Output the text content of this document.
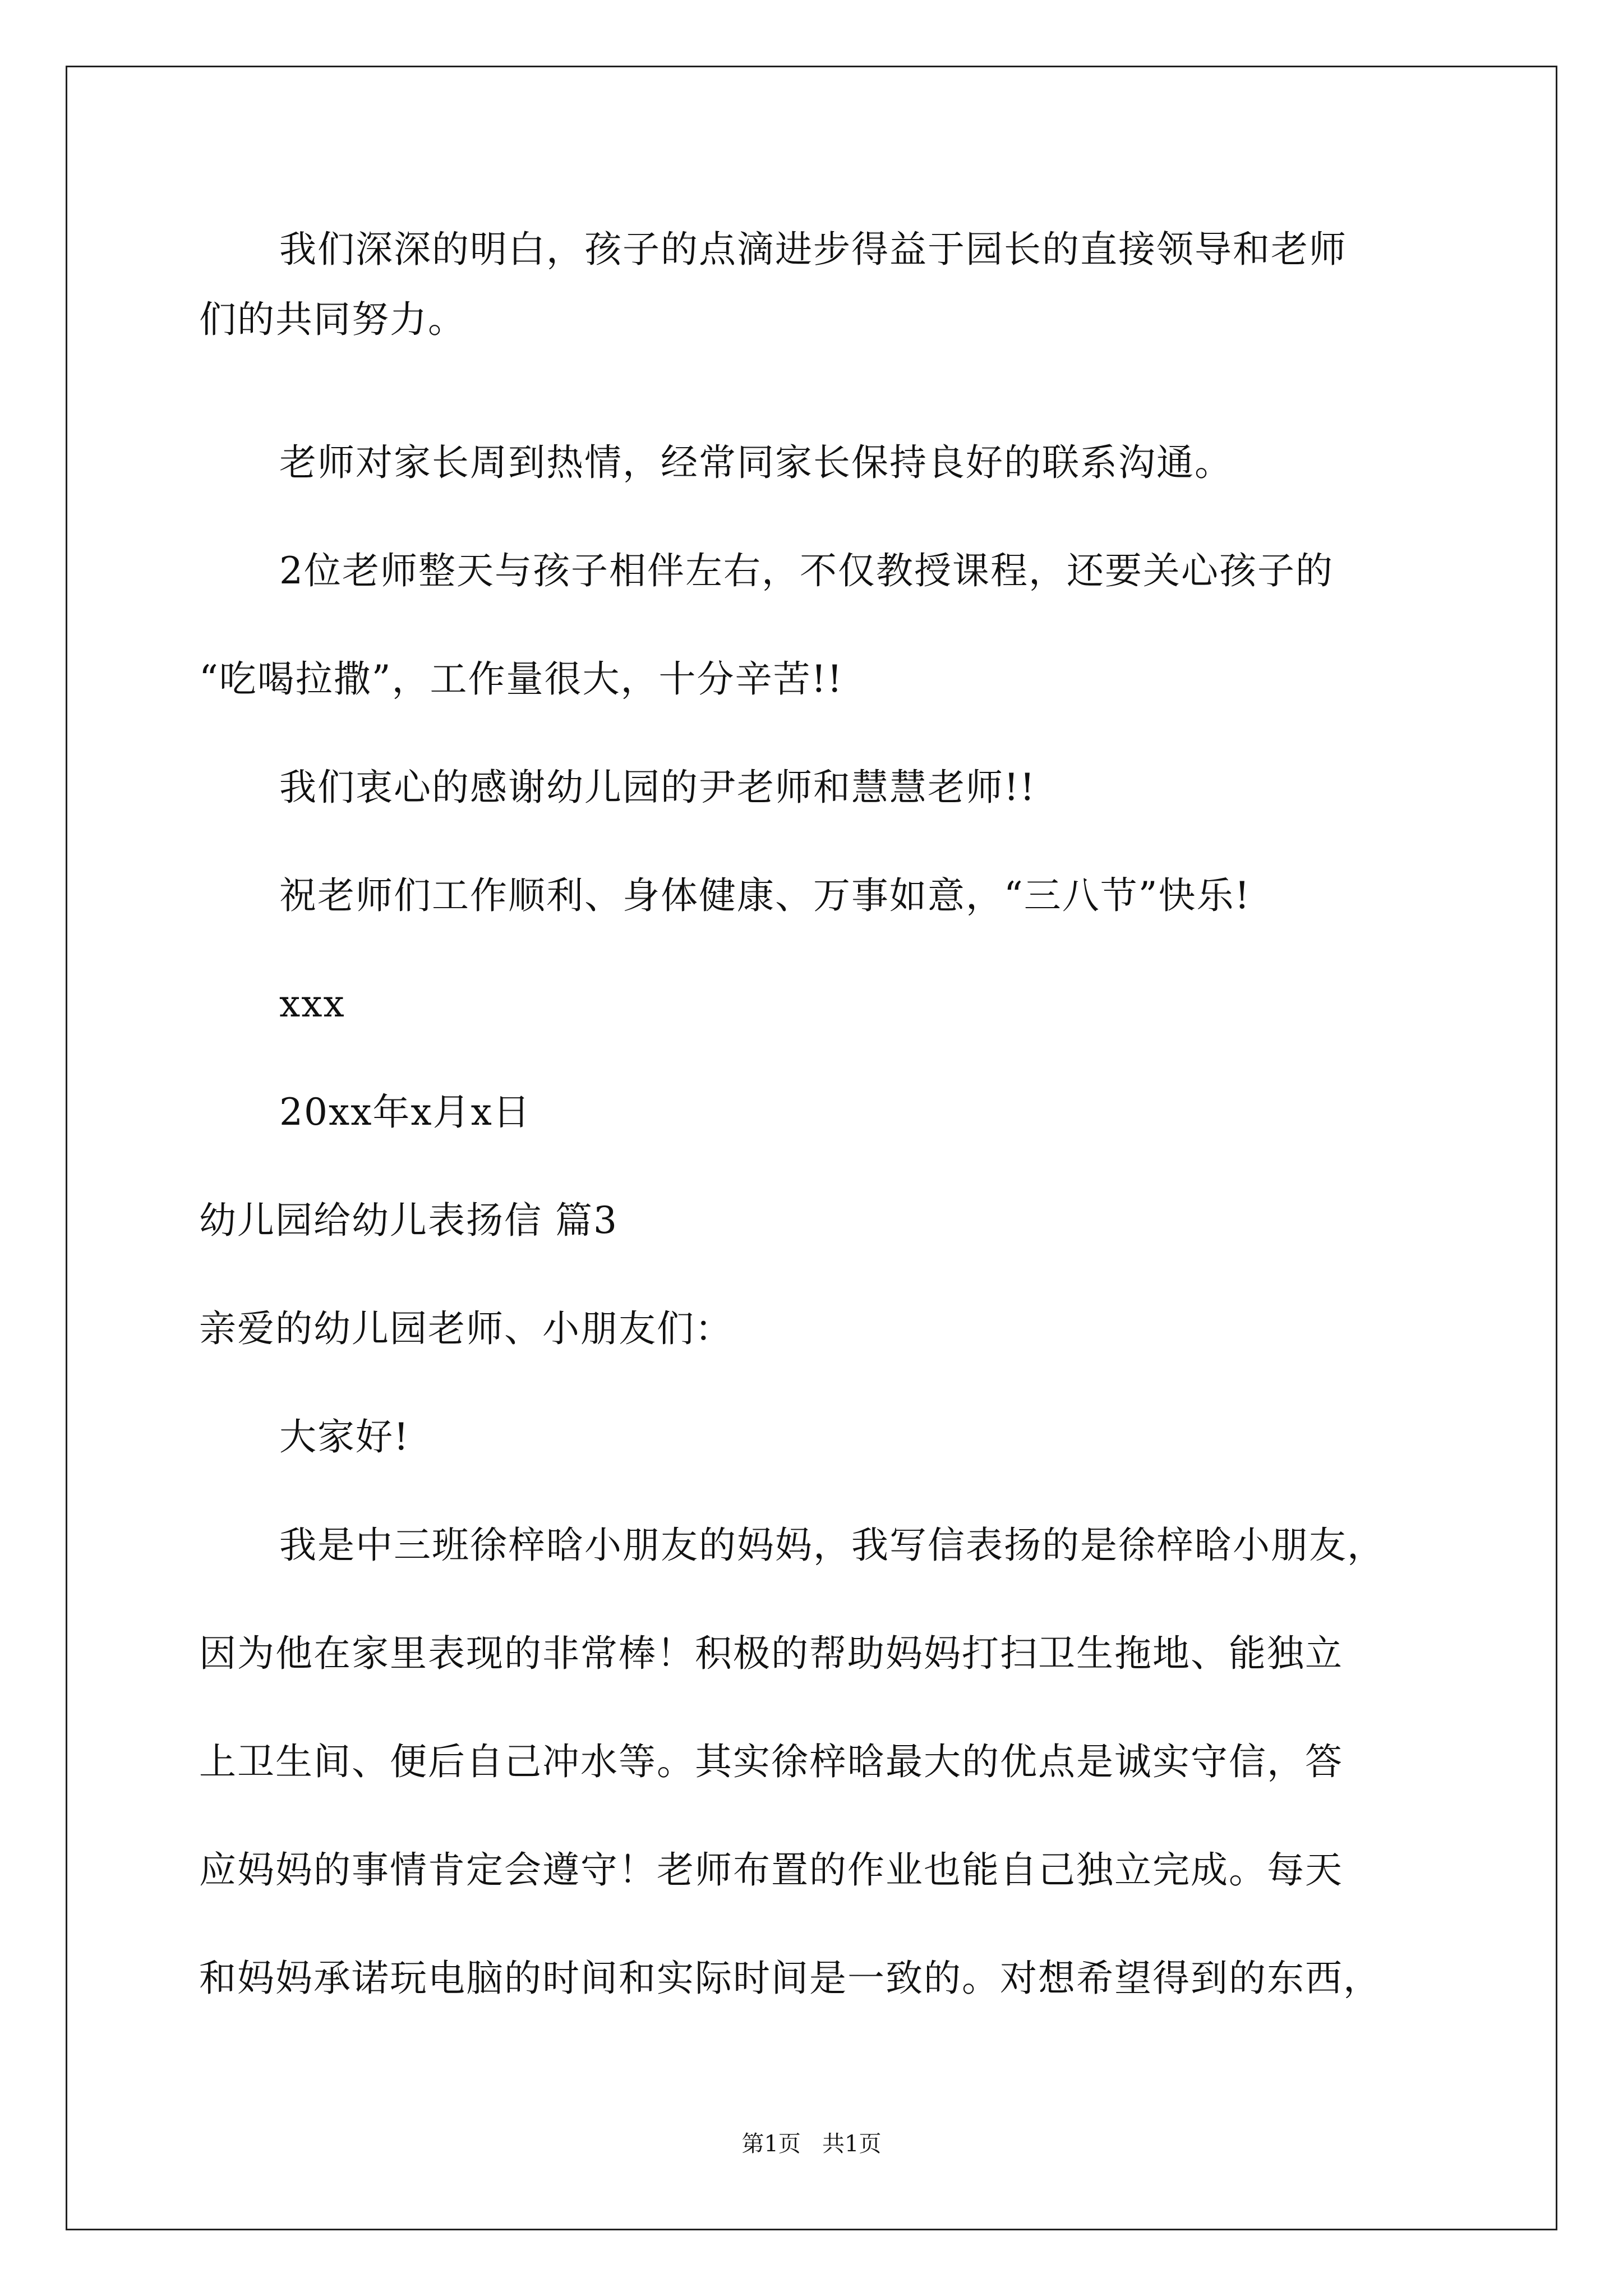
我们深深的明白，孩子的点滴进步得益于园长的直接领导和老师
们的共同努力。
老师对家长周到热情，经常同家长保持良好的联系沟通。
2位老师整天与孩子相伴左右，不仅教授课程，还要关心孩子的
“吃喝拉撒”，工作量很大，十分辛苦!!
我们衷心的感谢幼儿园的尹老师和慧慧老师!!
祝老师们工作顺利、身体健康、万事如意，“三八节”快乐!
xxx
20xx年x月x日
幼儿园给幼儿表扬信 篇3
亲爱的幼儿园老师、小朋友们：
大家好!
我是中三班徐梓晗小朋友的妈妈，我写信表扬的是徐梓晗小朋友，
因为他在家里表现的非常棒！积极的帮助妈妈打扫卫生拖地、能独立
上卫生间、便后自己冲水等。其实徐梓晗最大的优点是诚实守信，答
应妈妈的事情肯定会遵守！老师布置的作业也能自己独立完成。每天
和妈妈承诺玩电脑的时间和实际时间是一致的。对想希望得到的东西，
第1页   共1页
